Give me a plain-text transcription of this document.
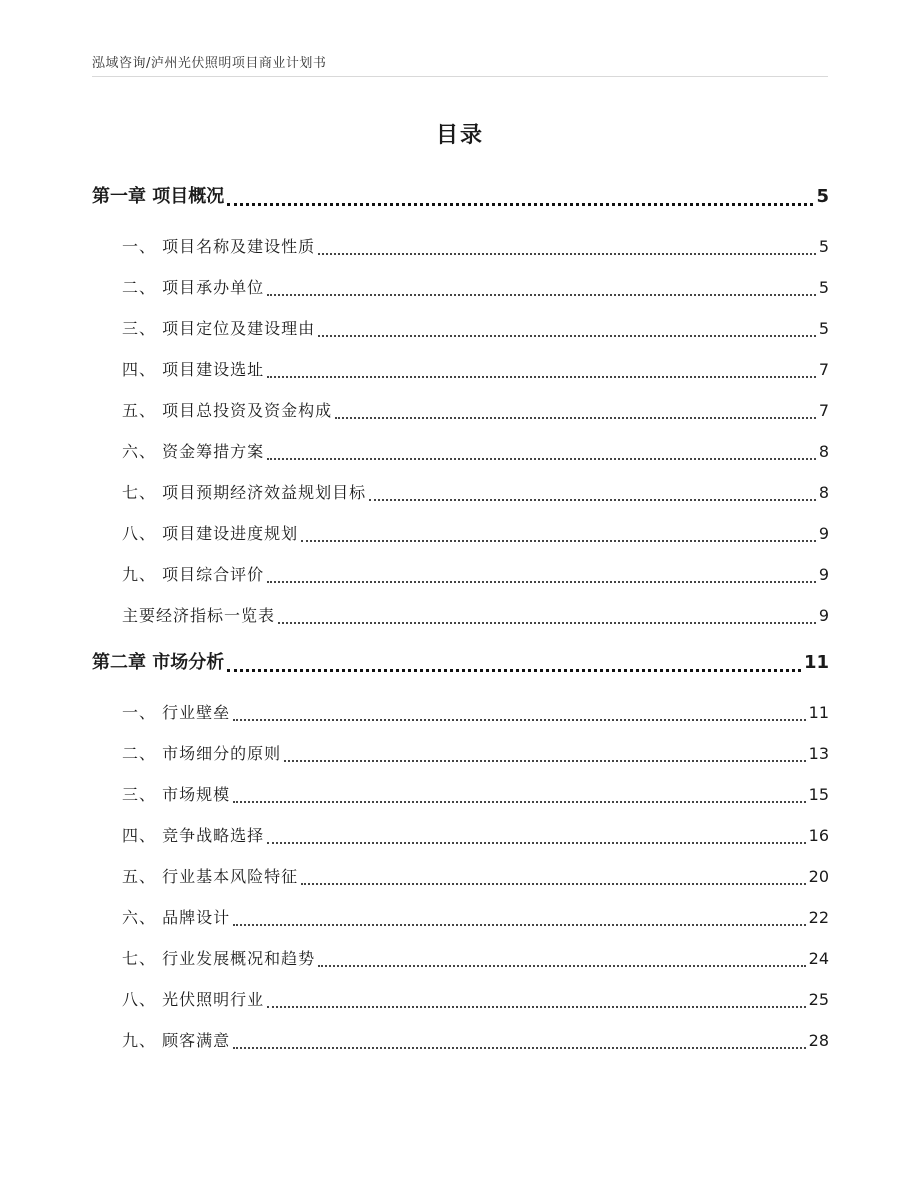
泓域咨询/泸州光伏照明项目商业计划书
目录
第一章 项目概况	5
一、 项目名称及建设性质	5
二、 项目承办单位	5
三、 项目定位及建设理由	5
四、 项目建设选址	7
五、 项目总投资及资金构成	7
六、 资金筹措方案	8
七、 项目预期经济效益规划目标	8
八、 项目建设进度规划	9
九、 项目综合评价	9
主要经济指标一览表	9
第二章 市场分析	11
一、 行业壁垒	11
二、 市场细分的原则	13
三、 市场规模	15
四、 竞争战略选择	16
五、 行业基本风险特征	20
六、 品牌设计	22
七、 行业发展概况和趋势	24
八、 光伏照明行业	25
九、 顾客满意	28
